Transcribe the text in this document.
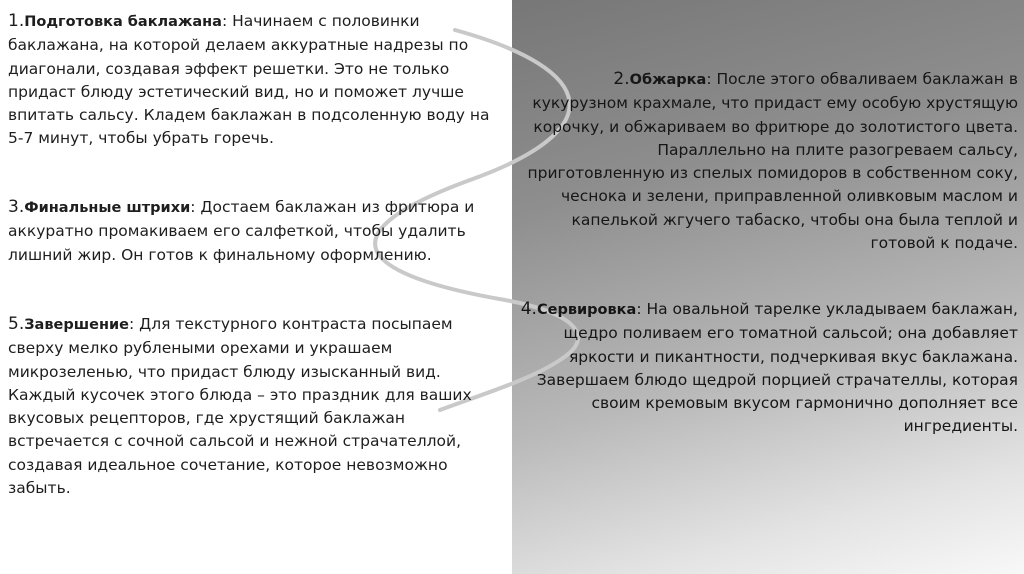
1.Подготовка баклажана: Начинаем с половинки баклажана, на которой делаем аккуратные надрезы по диагонали, создавая эффект решетки. Это не только придаст блюду эстетический вид, но и поможет лучше впитать сальсу. Кладем баклажан в подсоленную воду на 5-7 минут, чтобы убрать горечь.
2.Обжарка: После этого обваливаем баклажан в кукурузном крахмале, что придаст ему особую хрустящую корочку, и обжариваем во фритюре до золотистого цвета. Параллельно на плите разогреваем сальсу, приготовленную из спелых помидоров в собственном соку, чеснока и зелени, приправленной оливковым маслом и капелькой жгучего табаско, чтобы она была теплой и готовой к подаче.
3.Финальные штрихи: Достаем баклажан из фритюра и аккуратно промакиваем его салфеткой, чтобы удалить лишний жир. Он готов к финальному оформлению.
4.Сервировка: На овальной тарелке укладываем баклажан, щедро поливаем его томатной сальсой; она добавляет яркости и пикантности, подчеркивая вкус баклажана. Завершаем блюдо щедрой порцией страчателлы, которая своим кремовым вкусом гармонично дополняет все ингредиенты.
5.Завершение: Для текстурного контраста посыпаем сверху мелко рублеными орехами и украшаем микрозеленью, что придаст блюду изысканный вид.
Каждый кусочек этого блюда – это праздник для ваших вкусовых рецепторов, где хрустящий баклажан встречается с сочной сальсой и нежной страчателлой, создавая идеальное сочетание, которое невозможно забыть.
